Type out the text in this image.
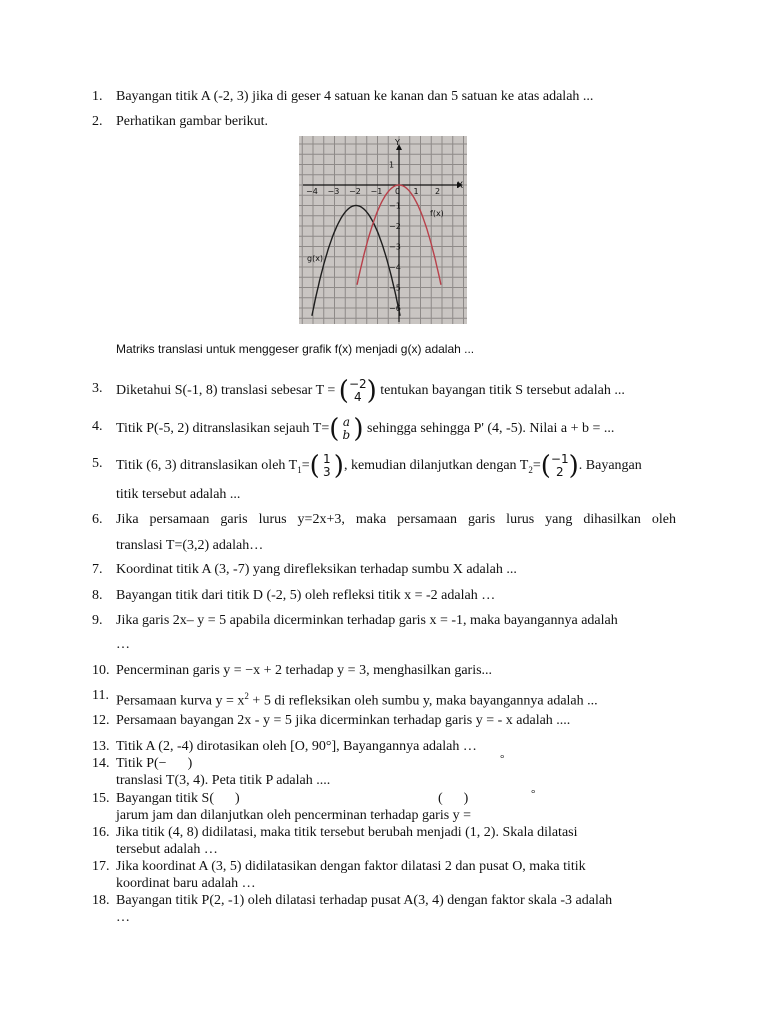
1. Bayangan titik A (-2, 3) jika di geser 4 satuan ke kanan dan 5 satuan ke atas adalah ...
2. Perhatikan gambar berikut.
X
Y
−4 −3 −2 −1 0 1 2
1
−1
−2
−3
−4
−5
−6
f(x)
g(x)
Matriks translasi untuk menggeser grafik f(x) menjadi g(x) adalah ...
3. Diketahui S(-1, 8) translasi sebesar T = ( −2
4 ) tentukan bayangan titik S tersebut adalah ...
4. Titik P(-5, 2) ditranslasikan sejauh T=( a
b ) sehingga sehingga P' (4, -5). Nilai a + b = ...
5. Titik (6, 3) ditranslasikan oleh $T_1=$( 1
3 ), kemudian dilanjutkan dengan $T_2=( -1$
2 ). Bayangan
titik tersebut adalah ...
6. Jika persamaan garis lurus y=2x+3, maka persamaan garis lurus yang dihasilkan oleh
translasi T=(3,2) adalah…
7. Koordinat titik A (3, -7) yang direfleksikan terhadap sumbu X adalah ...
8. Bayangan titik dari titik D (-2, 5) oleh refleksi titik x = -2 adalah …
9. Jika garis 2x– y = 5 apabila dicerminkan terhadap garis x = -1, maka bayangannya adalah
…
10. Pencerminan garis y = −x + 2 terhadap y = 3, menghasilkan garis...
11. Persamaan kurva $y = x^2 + 5$ di refleksikan oleh sumbu y, maka bayangannya adalah ...
12. Persamaan bayangan 2x - y = 5 jika dicerminkan terhadap garis y = - x adalah ....
13. Titik A (2, -4) dirotasikan oleh [O, 90°], Bayangannya adalah …
14. Titik P(−      )	°
translasi T(3, 4). Peta titik P adalah ....
15. Bayangan titik S(      )	(      )	°
jarum jam dan dilanjutkan oleh pencerminan terhadap garis y =
16. Jika titik (4, 8) didilatasi, maka titik tersebut berubah menjadi (1, 2). Skala dilatasi
tersebut adalah …
17. Jika koordinat A (3, 5) didilatasikan dengan faktor dilatasi 2 dan pusat O, maka titik
koordinat baru adalah …
18. Bayangan titik P(2, -1) oleh dilatasi terhadap pusat A(3, 4) dengan faktor skala -3 adalah
…
